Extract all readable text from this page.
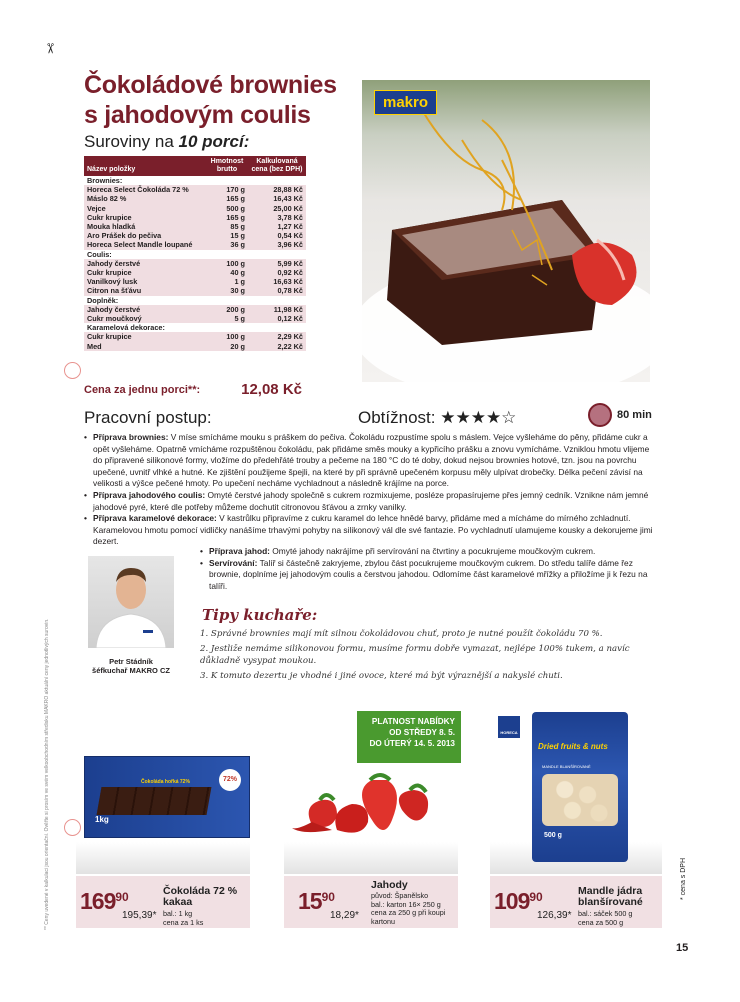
✂
** Ceny uvedené v kalkulaci jsou orientační. Ověřte si prosím ve svém velkoobchodním středisku MAKRO aktuální ceny jednotlivých surovin.	* cena s DPH
Čokoládové brownies
s jahodovým coulis
Suroviny na 10 porcí:
Název položky	Hmotnost brutto	Kalkulovaná cena (bez DPH)
Brownies:		
Horeca Select Čokoláda 72 %	170 g	28,88 Kč
Máslo 82 %	165 g	16,43 Kč
Vejce	500 g	25,00 Kč
Cukr krupice	165 g	3,78 Kč
Mouka hladká	85 g	1,27 Kč
Aro Prášek do pečiva	15 g	0,54 Kč
Horeca Select Mandle loupané	36 g	3,96 Kč
Coulis:		
Jahody čerstvé	100 g	5,99 Kč
Cukr krupice	40 g	0,92 Kč
Vanilkový lusk	1 g	16,63 Kč
Citron na šťávu	30 g	0,78 Kč
Doplněk:		
Jahody čerstvé	200 g	11,98 Kč
Cukr moučkový	5 g	0,12 Kč
Karamelová dekorace:		
Cukr krupice	100 g	2,29 Kč
Med	20 g	2,22 Kč
Cena za jednu porci**:	12,08 Kč
makro
Pracovní postup:	Obtížnost: ★★★★☆	80 min

• Příprava brownies: V míse smícháme mouku s práškem do pečiva. Čokoládu rozpustíme spolu s máslem. Vejce vyšleháme do pěny, přidáme cukr a opět vyšleháme. Opatrně vmícháme rozpuštěnou čokoládu, pak přidáme směs mouky a kypřicího prášku a znovu vymícháme. Vzniklou hmotu vlijeme do připravené silikonové formy, vložíme do předehřáté trouby a pečeme na 180 °C do té doby, dokud nejsou brownies hotové, tzn. jsou na povrchu upečené, uvnitř vlhké a hutné. Ke zjištění použijeme špejli, na které by při správně upečeném korpusu měly ulpívat drobečky. Délka pečení závisí na velikosti a výšce pečené hmoty. Po upečení necháme vychladnout a následně krájíme na porce.

• Příprava jahodového coulis: Omyté čerstvé jahody společně s cukrem rozmixujeme, posléze propasírujeme přes jemný cedník. Vznikne nám jemné jahodové pyré, které dle potřeby můžeme dochutit citronovou šťávou a zrnky vanilky.

• Příprava karamelové dekorace: V kastrůlku připravíme z cukru karamel do lehce hnědé barvy, přidáme med a mícháme do mírného zchladnutí. Karamelovou hmotu pomocí vidličky nanášíme trhavými pohyby na silikonový vál dle své fantazie. Po vychladnutí ulamujeme kousky a dekorujeme jimi dezert.

• Příprava jahod: Omyté jahody nakrájíme při servírování na čtvrtiny a pocukrujeme moučkovým cukrem.

• Servírování: Talíř si částečně zakryjeme, zbylou část pocukrujeme moučkovým cukrem. Do středu talíře dáme řez brownie, doplníme jej jahodovým coulis a čerstvou jahodou. Odlomíme část karamelové mřížky a přiložíme ji k řezu na talíři.

Petr Stádník
šéfkuchař MAKRO CZ
Tipy kuchaře:

1. Správné brownies mají mít silnou čokoládovou chuť, proto je nutné použít čokoládu 70 %.

2. Jestliže nemáme silikonovou formu, musíme formu dobře vymazat, nejlépe 100% tukem, a navíc důkladně vysypat moukou.

3. K tomuto dezertu je vhodné i jiné ovoce, které má být výraznější a nakyslé chuti.

PLATNOST NABÍDKY
OD STŘEDY 8. 5.
DO ÚTERÝ 14. 5. 2013
Čokoláda hořká 72%	72%
1kg
$169^{90}$
195,39*
Čokoláda 72 %
kakaa
bal.: 1 kg
cena za 1 ks
$15^{90}$
18,29*
Jahody
původ: Španělsko
bal.: karton 16× 250 g
cena za 250 g při koupi
kartonu
HORECA
Dried fruits & nuts
MANDLE BLANŠÍROVANÉ
500 g
$109^{90}$
126,39*
Mandle jádra
blanšírované
bal.: sáček 500 g
cena za 500 g
15
